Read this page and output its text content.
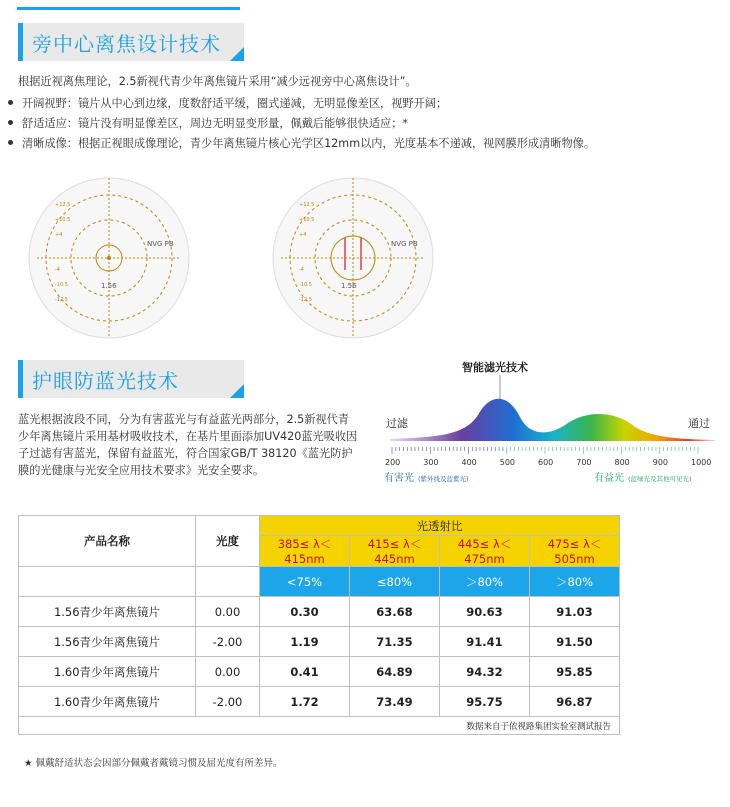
旁中心离焦设计技术
根据近视离焦理论，2.5新视代青少年离焦镜片采用“减少远视旁中心离焦设计”。
开阔视野：镜片从中心到边缘，度数舒适平缓，圈式递减，无明显像差区，视野开阔；
舒适适应：镜片没有明显像差区，周边无明显变形量，佩戴后能够很快适应；*
清晰成像：根据正视眼成像理论，青少年离焦镜片核心光学区12mm以内，光度基本不递减，视网膜形成清晰物像。
1.56
NVG PB
+12.5
+10.5
+4
-4
-10.5
-12.5
1.56
NVG PB
+12.5
+10.5
+4
-4
-10.5
-12.5
护眼防蓝光技术
蓝光根据波段不同，分为有害蓝光与有益蓝光两部分，2.5新视代青少年离焦镜片采用基材吸收技术，在基片里面添加UV420蓝光吸收因子过滤有害蓝光，保留有益蓝光，符合国家GB/T 38120《蓝光防护膜的光健康与光安全应用技术要求》光安全要求。
智能滤光技术
过滤	通过
200	300	400	500	600	700	800	900	1000
有害光 (紫外线及蓝紫光)	有益光 (蓝绿光及其他可见光)
产品名称	光度	光透射比			
		385≤ λ＜415nm	415≤ λ＜445nm	445≤ λ＜475nm	475≤ λ＜505nm
		<75%	≤80%	＞80%	＞80%
1.56青少年离焦镜片	0.00	0.30	63.68	90.63	91.03
1.56青少年离焦镜片	-2.00	1.19	71.35	91.41	91.50
1.60青少年离焦镜片	0.00	0.41	64.89	94.32	95.85
1.60青少年离焦镜片	-2.00	1.72	73.49	95.75	96.87
数据来自于依视路集团实验室测试报告					
★ 佩戴舒适状态会因部分佩戴者戴镜习惯及屈光度有所差异。
